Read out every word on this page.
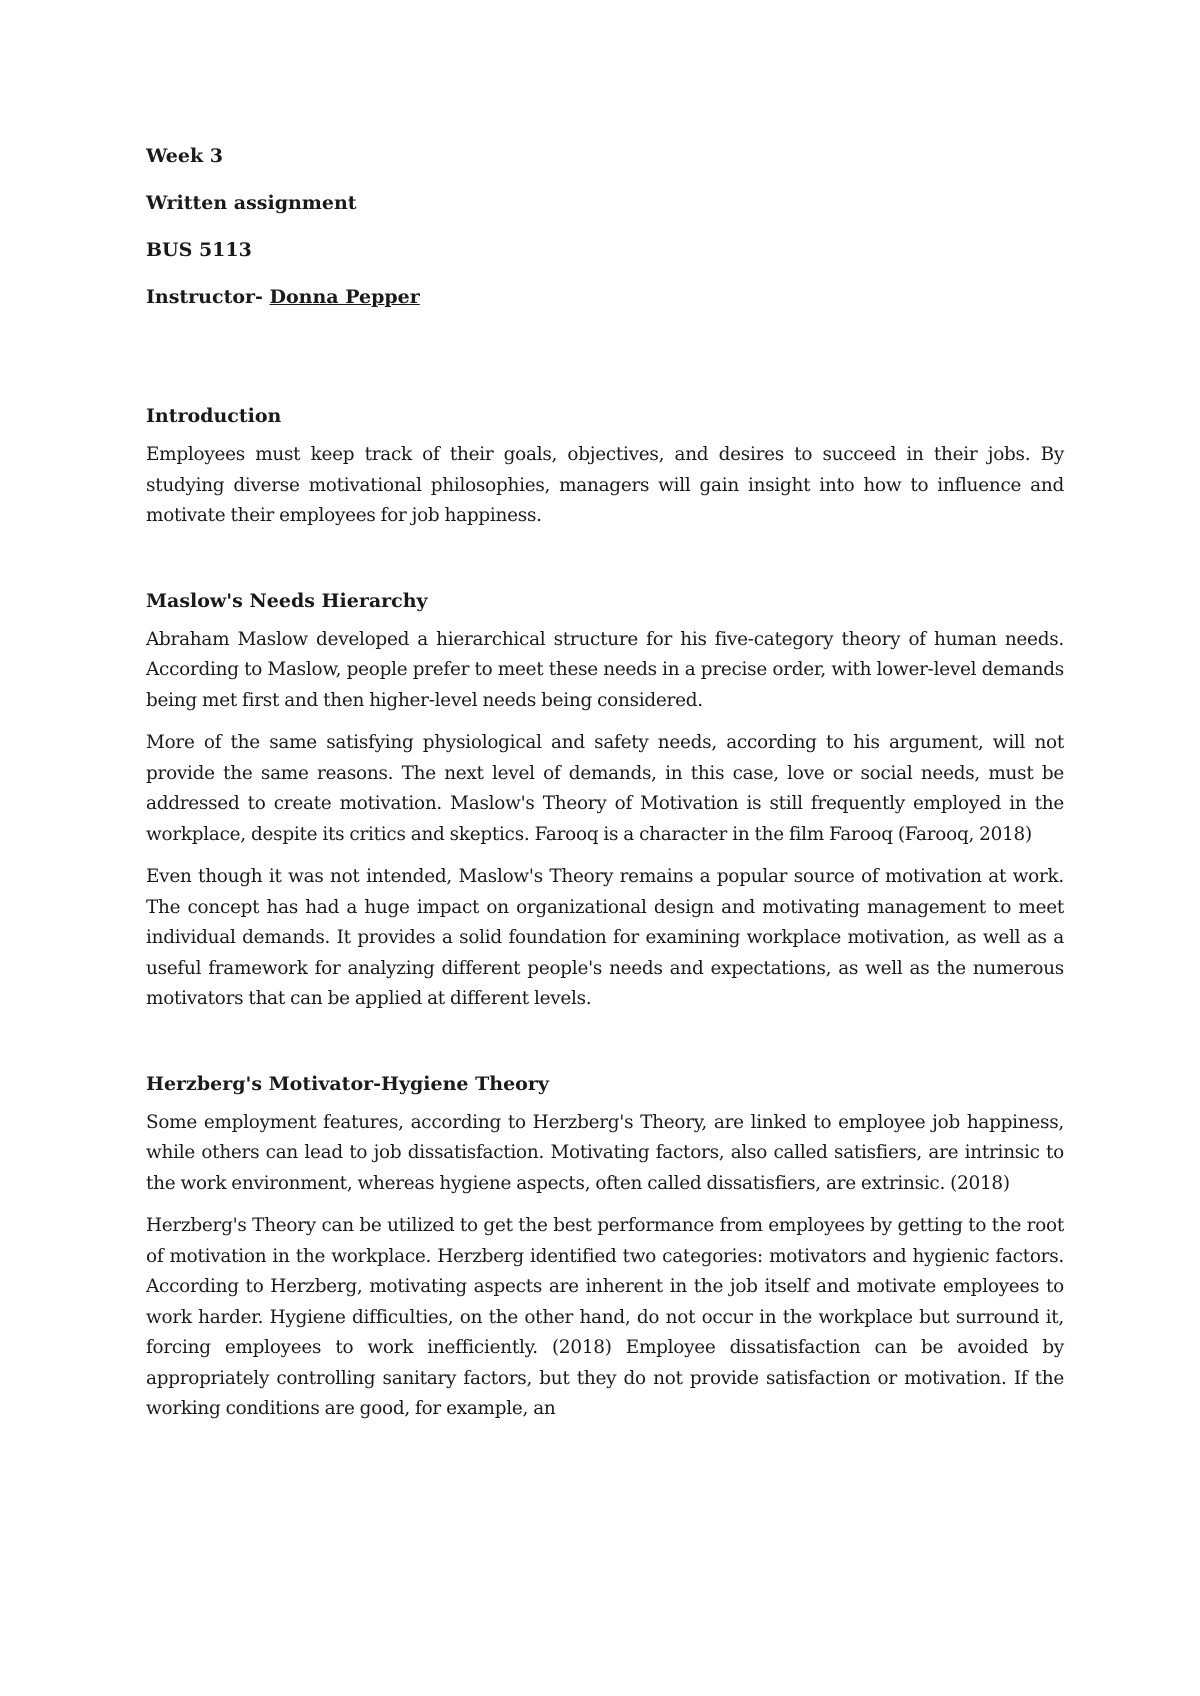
Week 3
Written assignment
BUS 5113
Instructor- Donna Pepper
Introduction

Employees must keep track of their goals, objectives, and desires to succeed in their jobs. By studying diverse motivational philosophies, managers will gain insight into how to influence and motivate their employees for job happiness.

Maslow's Needs Hierarchy

Abraham Maslow developed a hierarchical structure for his five-category theory of human needs. According to Maslow, people prefer to meet these needs in a precise order, with lower-level demands being met first and then higher-level needs being considered.

More of the same satisfying physiological and safety needs, according to his argument, will not provide the same reasons. The next level of demands, in this case, love or social needs, must be addressed to create motivation. Maslow's Theory of Motivation is still frequently employed in the workplace, despite its critics and skeptics. Farooq is a character in the film Farooq (Farooq, 2018)

Even though it was not intended, Maslow's Theory remains a popular source of motivation at work. The concept has had a huge impact on organizational design and motivating management to meet individual demands. It provides a solid foundation for examining workplace motivation, as well as a useful framework for analyzing different people's needs and expectations, as well as the numerous motivators that can be applied at different levels.

Herzberg's Motivator-Hygiene Theory

Some employment features, according to Herzberg's Theory, are linked to employee job happiness, while others can lead to job dissatisfaction. Motivating factors, also called satisfiers, are intrinsic to the work environment, whereas hygiene aspects, often called dissatisfiers, are extrinsic. (2018)

Herzberg's Theory can be utilized to get the best performance from employees by getting to the root of motivation in the workplace. Herzberg identified two categories: motivators and hygienic factors. According to Herzberg, motivating aspects are inherent in the job itself and motivate employees to work harder. Hygiene difficulties, on the other hand, do not occur in the workplace but surround it, forcing employees to work inefficiently. (2018) Employee dissatisfaction can be avoided by appropriately controlling sanitary factors, but they do not provide satisfaction or motivation. If the working conditions are good, for example, an
